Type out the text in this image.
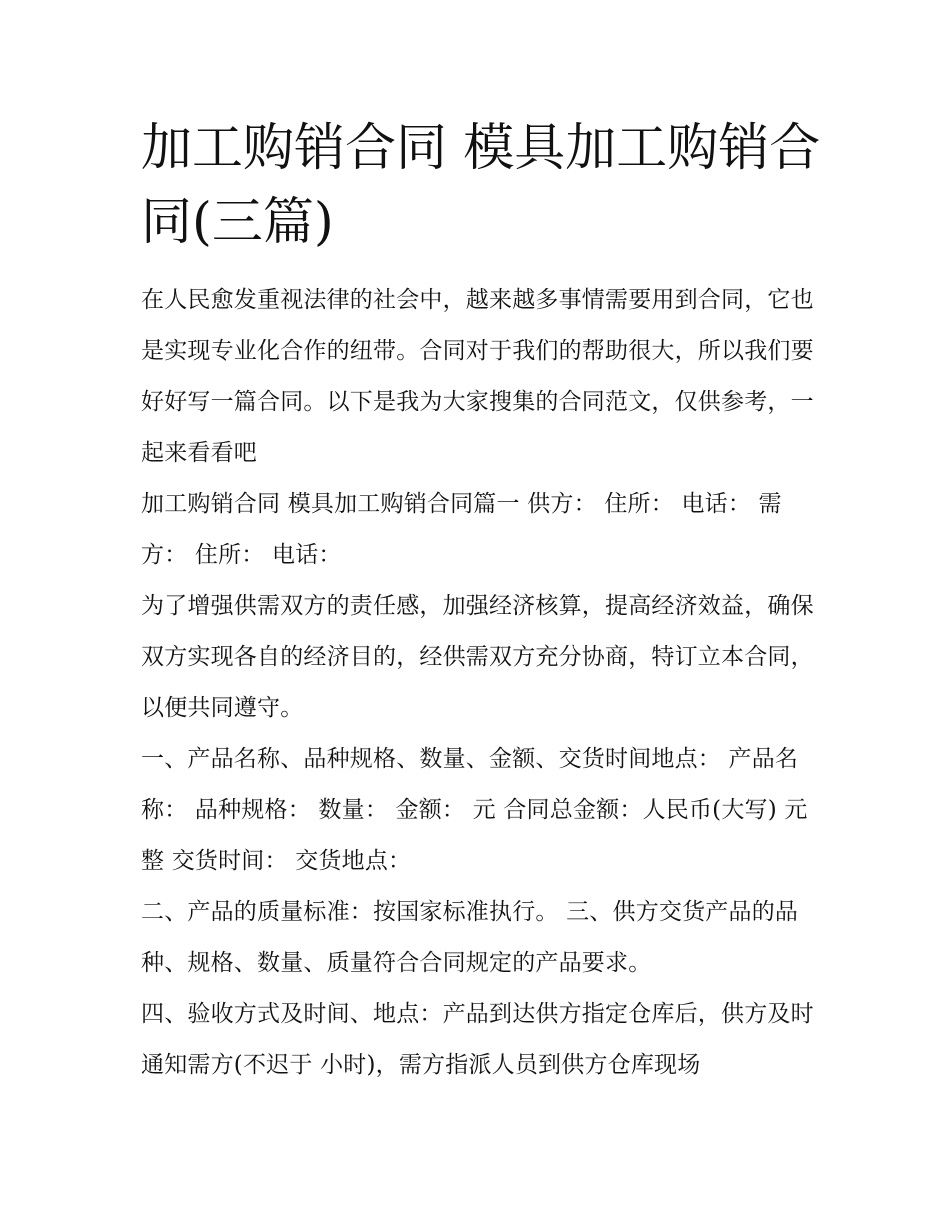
加工购销合同 模具加工购销合同(三篇)

在人民愈发重视法律的社会中，越来越多事情需要用到合同，它也是实现专业化合作的纽带。合同对于我们的帮助很大，所以我们要好好写一篇合同。以下是我为大家搜集的合同范文，仅供参考，一起来看看吧

加工购销合同 模具加工购销合同篇一 供方： 住所： 电话： 需方： 住所： 电话：

为了增强供需双方的责任感，加强经济核算，提高经济效益，确保双方实现各自的经济目的，经供需双方充分协商，特订立本合同，以便共同遵守。

一、产品名称、品种规格、数量、金额、交货时间地点： 产品名称： 品种规格： 数量： 金额： 元 合同总金额：人民币(大写) 元整 交货时间： 交货地点：

二、产品的质量标准：按国家标准执行。 三、供方交货产品的品种、规格、数量、质量符合合同规定的产品要求。

四、验收方式及时间、地点：产品到达供方指定仓库后，供方及时通知需方(不迟于 小时)，需方指派人员到供方仓库现场
